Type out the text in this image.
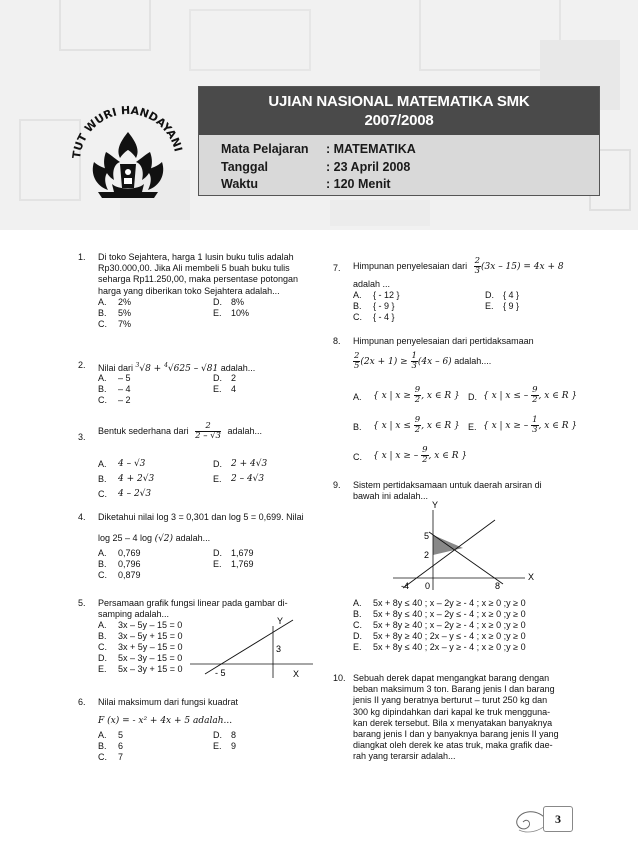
TUT WURI HANDAYANI
UJIAN NASIONAL MATEMATIKA SMK
2007/2008
Mata Pelajaran	: MATEMATIKA
Tanggal	: 23 April 2008
Waktu	: 120 Menit
1. Di toko Sejahtera, harga 1 lusin buku tulis adalah
Rp30.000,00. Jika Ali membeli 5 buah buku tulis
seharga Rp11.250,00, maka persentase potongan
harga yang diberikan toko Sejahtera adalah...
A. 2%	D. 8%
B. 5%	E. 10%
C. 7%
2. Nilai dari $^3$√8 + $^4$√625 – √81 adalah...
A. – 5	D. 2
B. – 4	E. 4
C. – 2
3.
Bentuk sederhana dari $\frac{2}{2 - √3}$ adalah...
A. 4 – √3	D. 2 + 4√3
B. 4 + 2√3	E. 2 – 4√3
C. 4 – 2√3
4. Diketahui nilai log 3 = 0,301 dan log 5 = 0,699. Nilai
log 25 – 4 log (√2) adalah...
A. 0,769	D. 1,679
B. 0,796	E. 1,769
C. 0,879
5. Persamaan grafik fungsi linear pada gambar di-
samping adalah...
A. 3x – 5y – 15 = 0
B. 3x – 5y + 15 = 0
C. 3x + 5y – 15 = 0
D. 5x – 3y – 15 = 0
E. 5x – 3y + 15 = 0
Y
X
3
- 5
6. Nilai maksimum dari fungsi kuadrat
F (x) = - x² + 4x + 5 adalah...
A. 5	D. 8
B. 6	E. 9
C. 7
7. Himpunan penyelesaian dari $\frac{2}{3} (3x - 15) = 4x + 8$
adalah ...
A. { - 12 }	D. { 4 }
B. { - 9 }	E. { 9 }
C. { - 4 }
8. Himpunan penyelesaian dari pertidaksamaan
$\frac{2}{5} (2x + 1) \ge \frac{1}{3} (4x - 6)$ adalah....
A. { x | $x \ge \frac{9}{2}$ , x ∈ R } D. { x | x ≤ – $\frac{9}{2}$ , x ∈ R }
B. { x | $x \le \frac{9}{2}$ , x ∈ R } E. { x | x ≥ – $\frac{1}{3}$ , x ∈ R }
C. { x | x ≥ – $\frac{9}{2}$ , x ∈ R }
9. Sistem pertidaksamaan untuk daerah arsiran di
bawah ini adalah...
Y
X
5
2
-4 0	8
A. 5x + 8y ≤ 40 ; x – 2y ≥ - 4 ; x ≥ 0 ;y ≥ 0
B. 5x + 8y ≤ 40 ; x – 2y ≤ - 4 ; x ≥ 0 ;y ≥ 0
C. 5x + 8y ≥ 40 ; x – 2y ≥ - 4 ; x ≥ 0 ;y ≥ 0
D. 5x + 8y ≥ 40 ; 2x – y ≤ - 4 ; x ≥ 0 ;y ≥ 0
E. 5x + 8y ≤ 40 ; 2x – y ≥ - 4 ; x ≥ 0 ;y ≥ 0
10. Sebuah derek dapat mengangkat barang dengan
beban maksimum 3 ton. Barang jenis I dan barang
jenis II yang beratnya berturut – turut 250 kg dan
300 kg dipindahkan dari kapal ke truk mengguna-
kan derek tersebut. Bila x menyatakan banyaknya
barang jenis I dan y banyaknya barang jenis II yang
diangkat oleh derek ke atas truk, maka grafik dae-
rah yang terarsir adalah...
3
